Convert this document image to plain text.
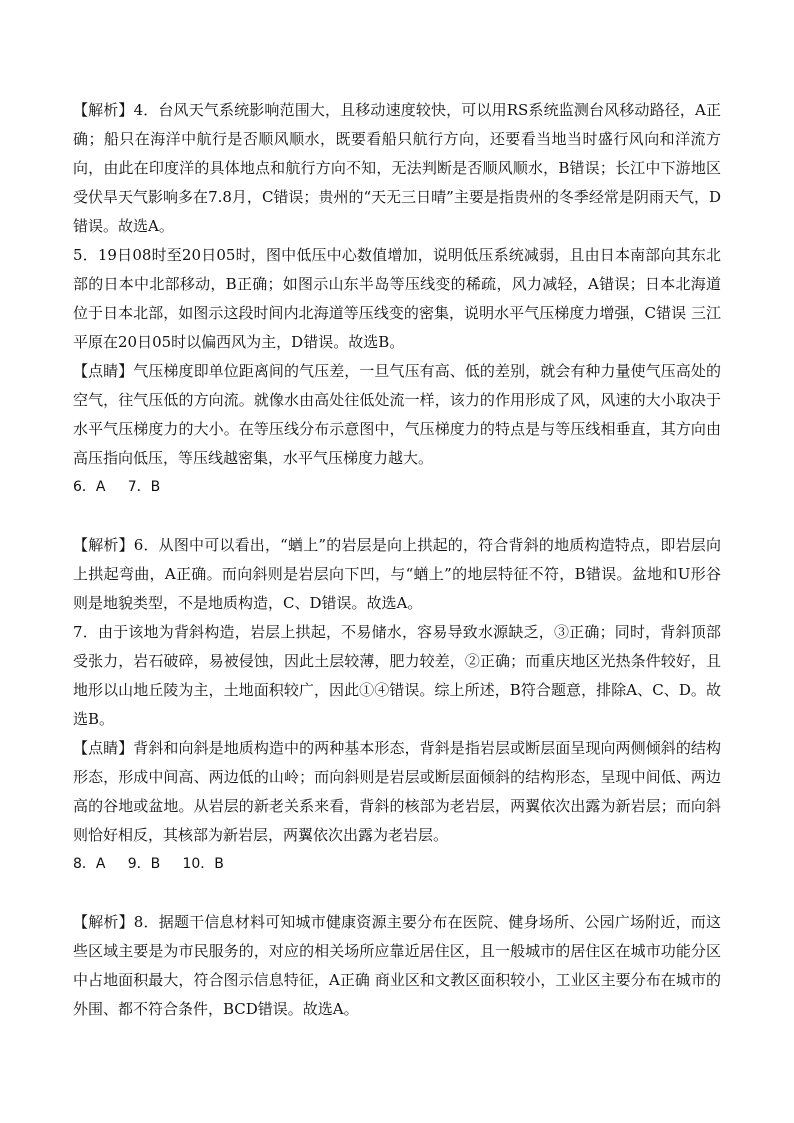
【解析】4．台风天气系统影响范围大，且移动速度较快，可以用RS系统监测台风移动路径，A正确；船只在海洋中航行是否顺风顺水，既要看船只航行方向，还要看当地当时盛行风向和洋流方向，由此在印度洋的具体地点和航行方向不知，无法判断是否顺风顺水，B错误；长江中下游地区受伏旱天气影响多在7.8月，C错误；贵州的“天无三日晴”主要是指贵州的冬季经常是阴雨天气，D错误。故选A。

5．19日08时至20日05时，图中低压中心数值增加，说明低压系统减弱，且由日本南部向其东北部的日本中北部移动，B正确；如图示山东半岛等压线变的稀疏，风力减轻，A错误；日本北海道位于日本北部，如图示这段时间内北海道等压线变的密集，说明水平气压梯度力增强，C错误 三江平原在20日05时以偏西风为主，D错误。故选B。

【点睛】气压梯度即单位距离间的气压差，一旦气压有高、低的差别，就会有种力量使气压高处的空气，往气压低的方向流。就像水由高处往低处流一样，该力的作用形成了风，风速的大小取决于水平气压梯度力的大小。在等压线分布示意图中，气压梯度力的特点是与等压线相垂直，其方向由高压指向低压，等压线越密集，水平气压梯度力越大。

6．A     7．B

【解析】6．从图中可以看出，“蝤上”的岩层是向上拱起的，符合背斜的地质构造特点，即岩层向上拱起弯曲，A正确。而向斜则是岩层向下凹，与“蝤上”的地层特征不符，B错误。盆地和U形谷则是地貌类型，不是地质构造，C、D错误。故选A。

7．由于该地为背斜构造，岩层上拱起，不易储水，容易导致水源缺乏，③正确；同时，背斜顶部受张力，岩石破碎，易被侵蚀，因此土层较薄，肥力较差，②正确；而重庆地区光热条件较好，且地形以山地丘陵为主，土地面积较广，因此①④错误。综上所述，B符合题意，排除A、C、D。故选B。

【点睛】背斜和向斜是地质构造中的两种基本形态，背斜是指岩层或断层面呈现向两侧倾斜的结构形态，形成中间高、两边低的山岭；而向斜则是岩层或断层面倾斜的结构形态，呈现中间低、两边高的谷地或盆地。从岩层的新老关系来看，背斜的核部为老岩层，两翼依次出露为新岩层；而向斜则恰好相反，其核部为新岩层，两翼依次出露为老岩层。

8．A     9．B     10．B

【解析】8．据题干信息材料可知城市健康资源主要分布在医院、健身场所、公园广场附近，而这些区域主要是为市民服务的，对应的相关场所应靠近居住区，且一般城市的居住区在城市功能分区中占地面积最大，符合图示信息特征，A正确 商业区和文教区面积较小，工业区主要分布在城市的外围、都不符合条件，BCD错误。故选A。
